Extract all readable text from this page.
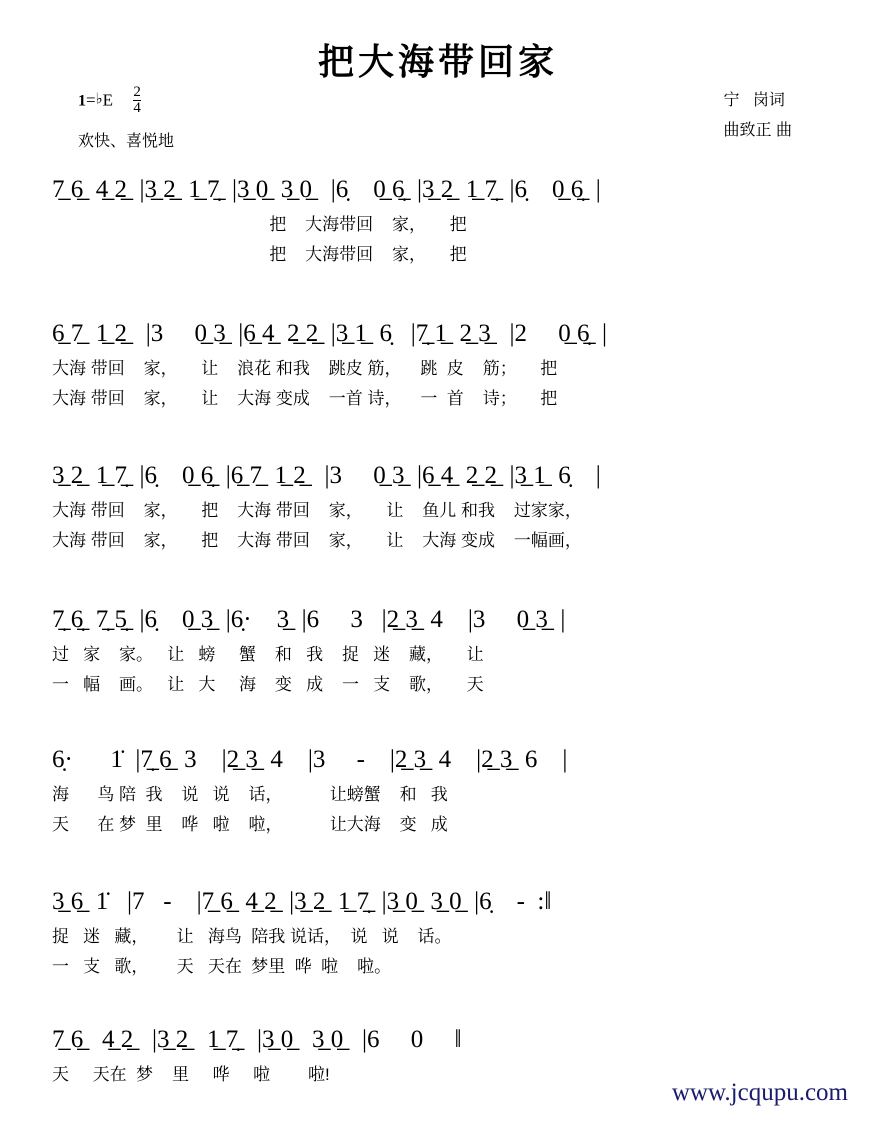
把大海带回家
1=♭E $\frac{2}{4}$
欢快、喜悦地
宁   岗词
曲致正 曲
7̲ 6̲  4̲ 2̲  |3̲ 2̲  1̲ 7̣̲  |3̲ 0̲  3̲ 0̲   |6̣    0̲ 6̣̲  |3̲ 2̲  1̲ 7̣̲  |6̣    0̲ 6̣̲  |
把    大海带回    家，     把
把    大海带回    家，     把
6̲ 7̲  1̲ 2̲   |3     0̲ 3̲  |6̲ 4̲  2̲ 2̲  |3̲ 1̲  6̣   |7̣̲ 1̲  2̲ 3̲   |2     0̲ 6̣̲  |
大海 带回    家，     让    浪花 和我    跳皮 筋，    跳  皮    筋；     把
大海 带回    家，     让    大海 变成    一首 诗，    一  首    诗；     把
3̲ 2̲  1̲ 7̣̲  |6̣    0̲ 6̣̲  |6̲ 7̲  1̲ 2̲   |3     0̲ 3̲  |6̲ 4̲  2̲ 2̲  |3̲ 1̲  6̣    |
大海 带回    家，     把    大海 带回    家，     让    鱼儿 和我    过家家，
大海 带回    家，     把    大海 带回    家，     让    大海 变成    一幅画，
7̣̲ 6̣̲  7̣̲ 5̣̲  |6̣    0̲ 3̲  |6̣·    3̲  |6     3   |2̲ 3̲  4    |3     0̲ 3̲  |
过   家    家。   让   螃     蟹    和   我    捉   迷    藏，     让
一   幅    画。   让   大     海    变   成    一   支    歌，     天
6̣·      1̇  |7̣̲ 6̲  3    |2̲ 3̲  4    |3     -    |2̲ 3̲  4    |2̲ 3̲  6    |
海      鸟 陪  我    说   说    话，          让螃蟹    和   我
天      在 梦  里    哗   啦    啦，          让大海    变   成
3̲ 6̲  1̇   |7   -    |7̲ 6̲  4̲ 2̲  |3̲ 2̲  1̲ 7̣̲  |3̲ 0̲  3̲ 0̲  |6̣    -  :‖
捉   迷   藏，      让   海鸟  陪我 说话，  说   说    话。
一   支   歌，      天   天在  梦里  哗  啦    啦。
7̲ 6̲   4̲ 2̲   |3̲ 2̲   1̲ 7̣̲   |3̲ 0̲   3̲ 0̲   |6     0     ‖
天     天在  梦    里     哗     啦        啦!
www.jcqupu.com
